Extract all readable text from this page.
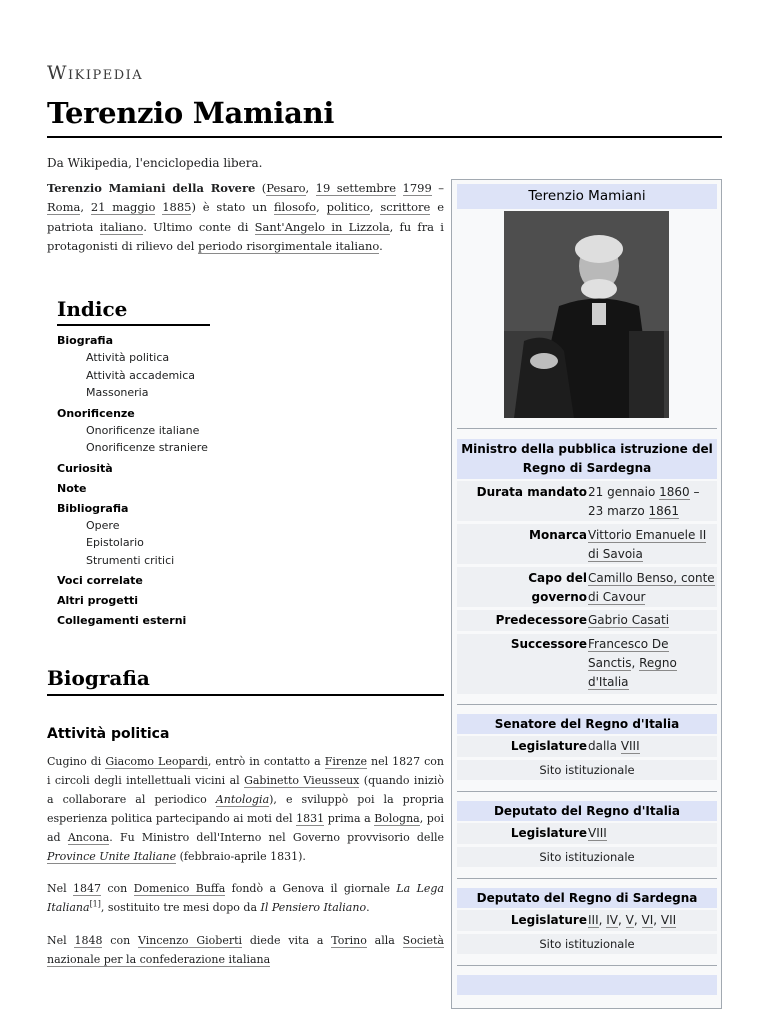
Wikipedia
Terenzio Mamiani
Da Wikipedia, l'enciclopedia libera.
Terenzio Mamiani della Rovere (Pesaro, 19 settembre 1799 – Roma, 21 maggio 1885) è stato un filosofo, politico, scrittore e patriota italiano. Ultimo conte di Sant'Angelo in Lizzola, fu fra i protagonisti di rilievo del periodo risorgimentale italiano.
Indice
Biografia
Attività politica
Attività accademica
Massoneria
Onorificenze
Onorificenze italiane
Onorificenze straniere
Curiosità
Note
Bibliografia
Opere
Epistolario
Strumenti critici
Voci correlate
Altri progetti
Collegamenti esterni
Biografia
Attività politica
Cugino di Giacomo Leopardi, entrò in contatto a Firenze nel 1827 con i circoli degli intellettuali vicini al Gabinetto Vieusseux (quando iniziò a collaborare al periodico Antologia), e sviluppò poi la propria esperienza politica partecipando ai moti del 1831 prima a Bologna, poi ad Ancona. Fu Ministro dell'Interno nel Governo provvisorio delle Province Unite Italiane (febbraio-aprile 1831).
Nel 1847 con Domenico Buffa fondò a Genova il giornale La Lega Italiana[1], sostituito tre mesi dopo da Il Pensiero Italiano.
Nel 1848 con Vincenzo Gioberti diede vita a Torino alla Società nazionale per la confederazione italiana
Terenzio Mamiani
Ministro della pubblica istruzione del Regno di Sardegna
Durata mandato 21 gennaio 1860 – 23 marzo 1861
Monarca Vittorio Emanuele II di Savoia
Capo del governo
Camillo Benso, conte di Cavour
Predecessore Gabrio Casati
Successore Francesco De Sanctis, Regno d'Italia
Senatore del Regno d'Italia
Legislature dalla VIII
Sito istituzionale
Deputato del Regno d'Italia
Legislature VIII
Sito istituzionale
Deputato del Regno di Sardegna
Legislature III, IV, V, VI, VII
Sito istituzionale
